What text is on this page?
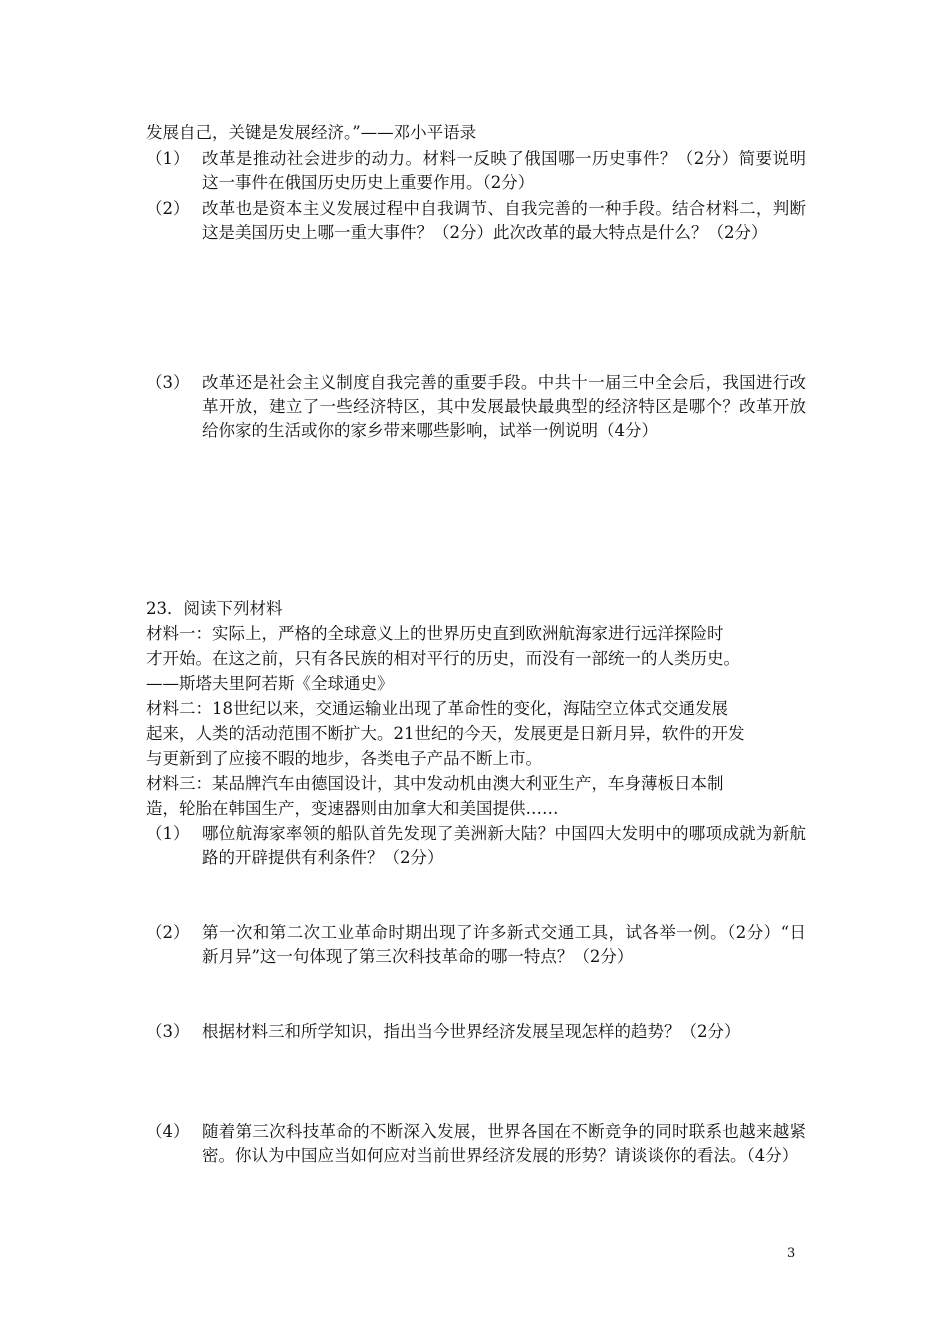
发展自己，关键是发展经济。”——邓小平语录
（1） 改革是推动社会进步的动力。材料一反映了俄国哪一历史事件？（2分）简要说明这一事件在俄国历史历史上重要作用。（2分）
（2） 改革也是资本主义发展过程中自我调节、自我完善的一种手段。结合材料二，判断这是美国历史上哪一重大事件？（2分）此次改革的最大特点是什么？（2分）
（3） 改革还是社会主义制度自我完善的重要手段。中共十一届三中全会后，我国进行改革开放，建立了一些经济特区，其中发展最快最典型的经济特区是哪个？改革开放给你家的生活或你的家乡带来哪些影响，试举一例说明（4分）
23．阅读下列材料
材料一：实际上，严格的全球意义上的世界历史直到欧洲航海家进行远洋探险时
才开始。在这之前，只有各民族的相对平行的历史，而没有一部统一的人类历史。
——斯塔夫里阿若斯《全球通史》
材料二：18世纪以来，交通运输业出现了革命性的变化，海陆空立体式交通发展
起来，人类的活动范围不断扩大。21世纪的今天，发展更是日新月异，软件的开发
与更新到了应接不暇的地步，各类电子产品不断上市。
材料三：某品牌汽车由德国设计，其中发动机由澳大利亚生产，车身薄板日本制
造，轮胎在韩国生产，变速器则由加拿大和美国提供……
（1） 哪位航海家率领的船队首先发现了美洲新大陆？中国四大发明中的哪项成就为新航路的开辟提供有利条件？（2分）
（2） 第一次和第二次工业革命时期出现了许多新式交通工具，试各举一例。（2分）“日新月异”这一句体现了第三次科技革命的哪一特点？（2分）
（3） 根据材料三和所学知识，指出当今世界经济发展呈现怎样的趋势？（2分）
（4） 随着第三次科技革命的不断深入发展，世界各国在不断竞争的同时联系也越来越紧密。你认为中国应当如何应对当前世界经济发展的形势？请谈谈你的看法。（4分）
3
